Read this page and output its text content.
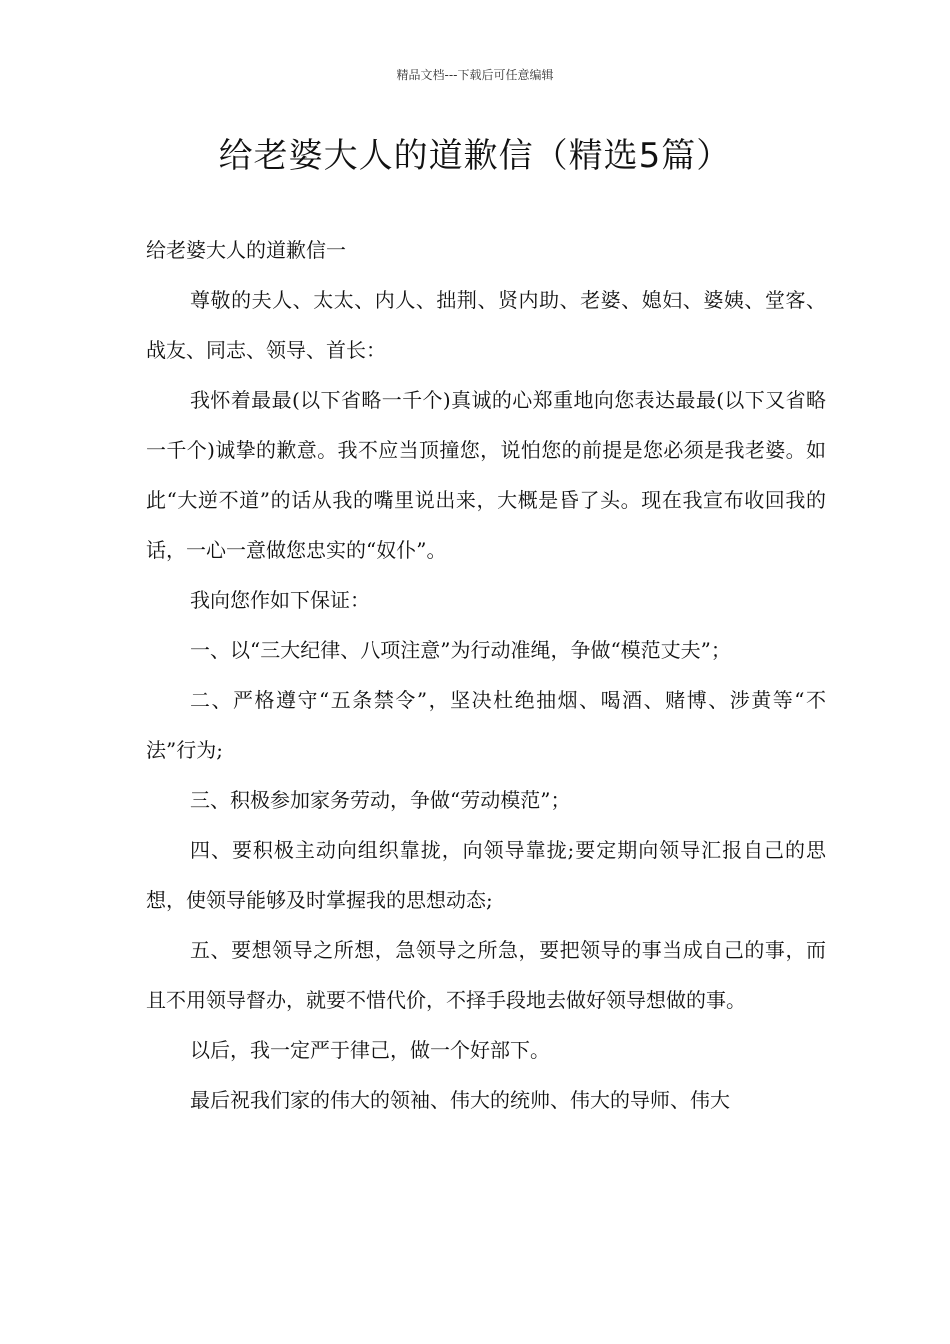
精品文档---下载后可任意编辑
给老婆大人的道歉信（精选5篇）

给老婆大人的道歉信一

尊敬的夫人、太太、内人、拙荆、贤内助、老婆、媳妇、婆姨、堂客、战友、同志、领导、首长：

我怀着最最(以下省略一千个)真诚的心郑重地向您表达最最(以下又省略一千个)诚挚的歉意。我不应当顶撞您，说怕您的前提是您必须是我老婆。如此“大逆不道”的话从我的嘴里说出来，大概是昏了头。现在我宣布收回我的话，一心一意做您忠实的“奴仆”。

我向您作如下保证：

一、以“三大纪律、八项注意”为行动准绳，争做“模范丈夫”；

二、严格遵守“五条禁令”，坚决杜绝抽烟、喝酒、赌博、涉黄等“不法”行为;

三、积极参加家务劳动，争做“劳动模范”；

四、要积极主动向组织靠拢，向领导靠拢;要定期向领导汇报自己的思想，使领导能够及时掌握我的思想动态;

五、要想领导之所想，急领导之所急，要把领导的事当成自己的事，而且不用领导督办，就要不惜代价，不择手段地去做好领导想做的事。

以后，我一定严于律己，做一个好部下。

最后祝我们家的伟大的领袖、伟大的统帅、伟大的导师、伟大
